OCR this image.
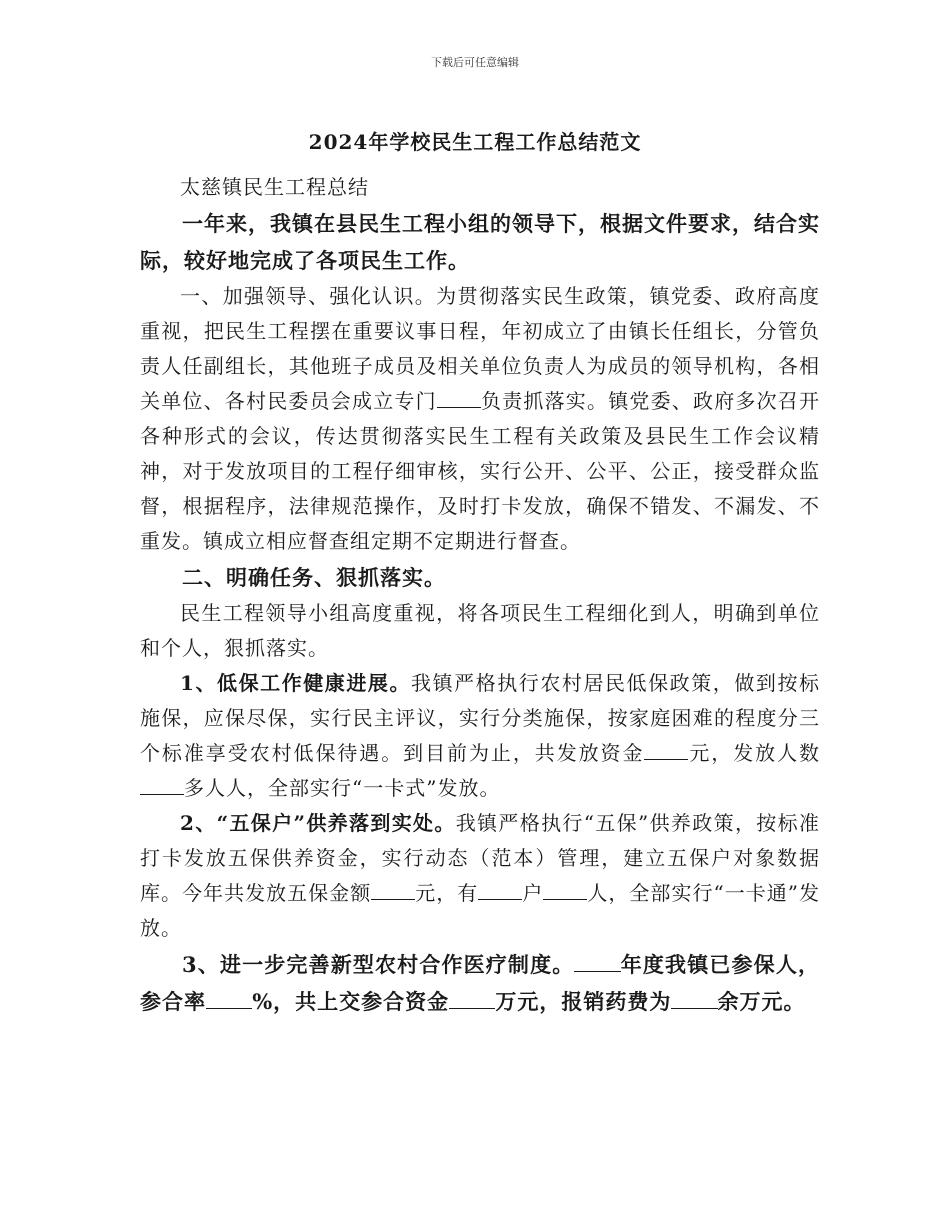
下载后可任意编辑
2024年学校民生工程工作总结范文

太慈镇民生工程总结

一年来，我镇在县民生工程小组的领导下，根据文件要求，结合实际，较好地完成了各项民生工作。

一、加强领导、强化认识。为贯彻落实民生政策，镇党委、政府高度重视，把民生工程摆在重要议事日程，年初成立了由镇长任组长，分管负责人任副组长，其他班子成员及相关单位负责人为成员的领导机构，各相关单位、各村民委员会成立专门 负责抓落实。镇党委、政府多次召开各种形式的会议，传达贯彻落实民生工程有关政策及县民生工作会议精神，对于发放项目的工程仔细审核，实行公开、公平、公正，接受群众监督，根据程序，法律规范操作，及时打卡发放，确保不错发、不漏发、不重发。镇成立相应督查组定期不定期进行督查。

二、明确任务、狠抓落实。

民生工程领导小组高度重视，将各项民生工程细化到人，明确到单位和个人，狠抓落实。

1、低保工作健康进展。我镇严格执行农村居民低保政策，做到按标施保，应保尽保，实行民主评议，实行分类施保，按家庭困难的程度分三个标准享受农村低保待遇。到目前为止，共发放资金 元，发放人数多人人，全部实行“一卡式”发放。

2、“五保户”供养落到实处。我镇严格执行“五保”供养政策，按标准打卡发放五保供养资金，实行动态（范本）管理，建立五保户对象数据库。今年共发放五保金额 元，有 户 人，全部实行“一卡通”发放。

3、进一步完善新型农村合作医疗制度。 年度我镇已参保人，参合率 %，共上交参合资金 万元，报销药费为 余万元。
